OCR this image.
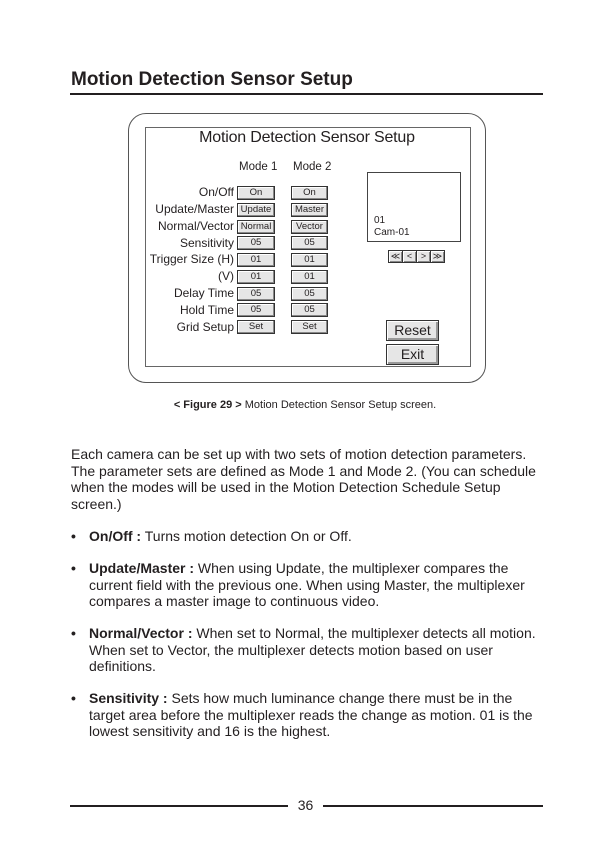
Motion Detection Sensor Setup
Motion Detection Sensor Setup
Mode 1 Mode 2
On/Off
Update/Master
Normal/Vector
Sensitivity
Trigger Size (H)
(V)
Delay Time
Hold Time
Grid Setup
On
Update
Normal
05
01
01
05
05
Set
On
Master
Vector
05
01
01
05
05
Set
01
Cam-01
≪ < > ≫
Reset
Exit
< Figure 29 > Motion Detection Sensor Setup screen.
Each camera can be set up with two sets of motion detection parameters. The parameter sets are defined as Mode 1 and Mode 2. (You can schedule when the modes will be used in the Motion Detection Schedule Setup screen.)
• On/Off : Turns motion detection On or Off.
• Update/Master : When using Update, the multiplexer compares the current field with the previous one. When using Master, the multiplexer compares a master image to continuous video.
• Normal/Vector : When set to Normal, the multiplexer detects all motion. When set to Vector, the multiplexer detects motion based on user definitions.
• Sensitivity : Sets how much luminance change there must be in the target area before the multiplexer reads the change as motion. 01 is the lowest sensitivity and 16 is the highest.
36
